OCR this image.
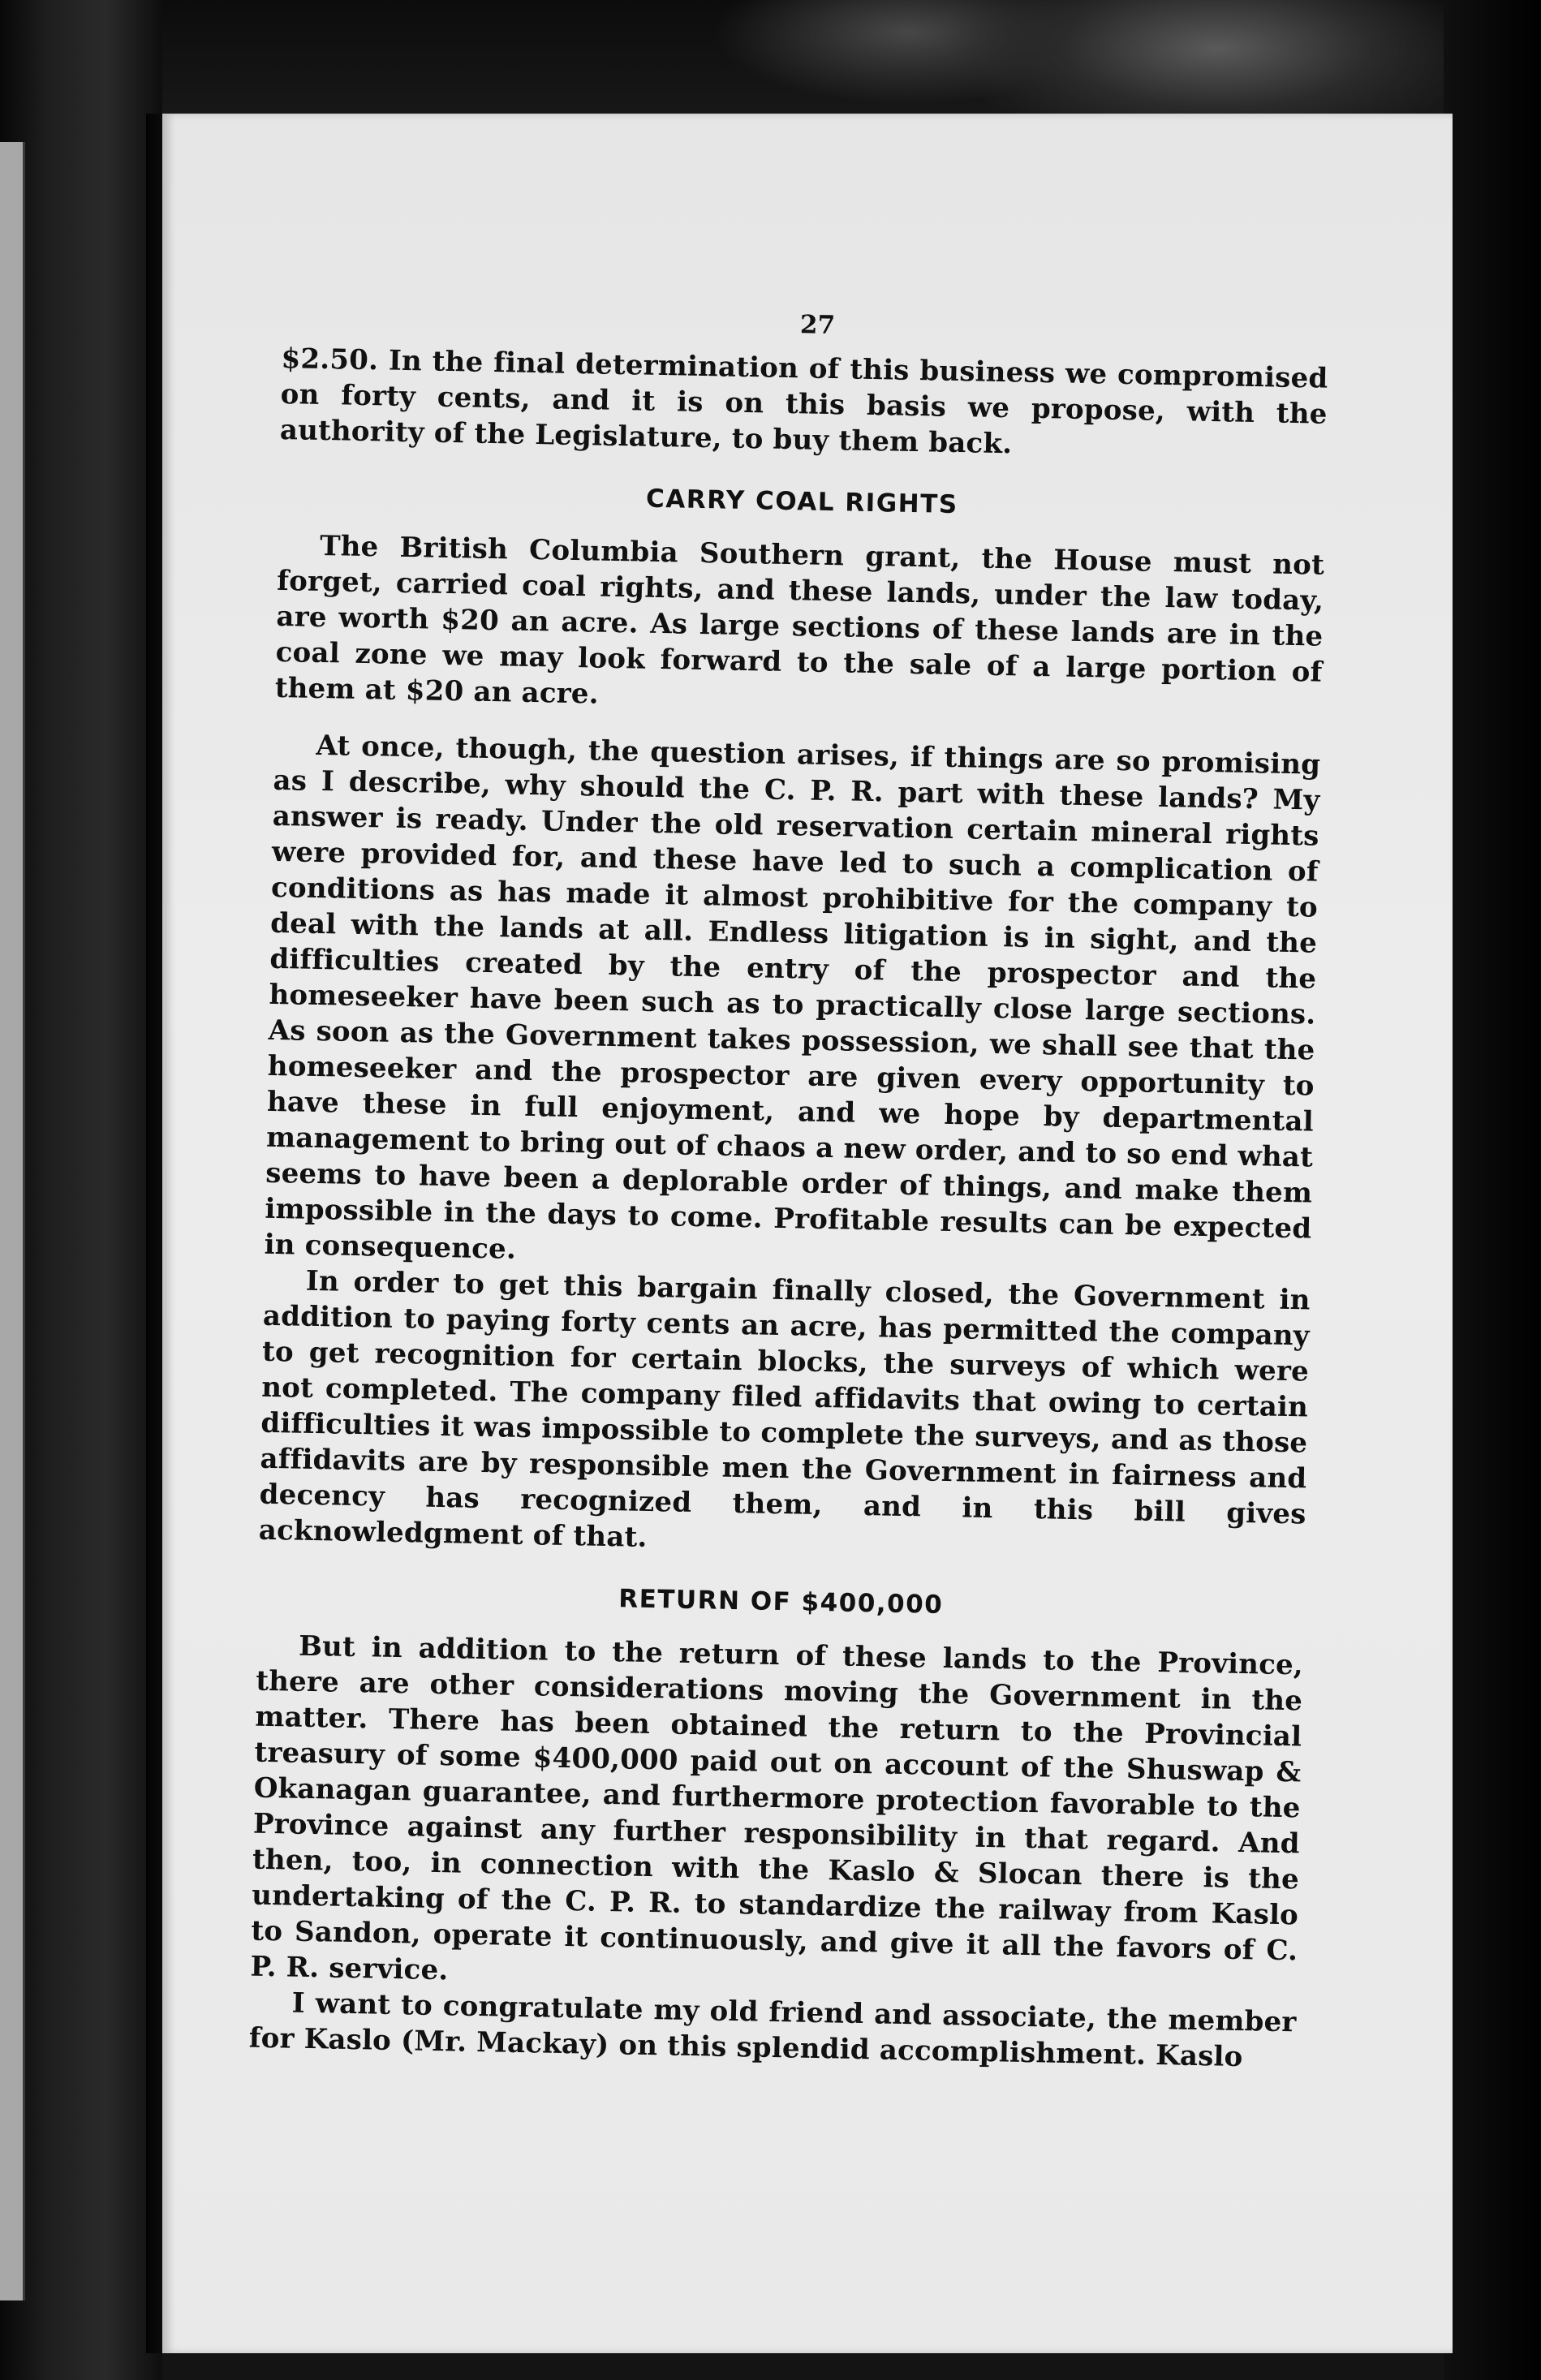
27

$2.50. In the final determination of this business we compromised on forty cents, and it is on this basis we propose, with the authority of the Legislature, to buy them back.

CARRY COAL RIGHTS

The British Columbia Southern grant, the House must not forget, carried coal rights, and these lands, under the law today, are worth $20 an acre. As large sections of these lands are in the coal zone we may look forward to the sale of a large portion of them at $20 an acre.

At once, though, the question arises, if things are so promising as I describe, why should the C. P. R. part with these lands? My answer is ready. Under the old reservation certain mineral rights were provided for, and these have led to such a complication of conditions as has made it almost prohibitive for the company to deal with the lands at all. Endless litigation is in sight, and the difficulties created by the entry of the prospector and the homeseeker have been such as to practically close large sections. As soon as the Government takes possession, we shall see that the homeseeker and the prospector are given every opportunity to have these in full enjoyment, and we hope by departmental management to bring out of chaos a new order, and to so end what seems to have been a deplorable order of things, and make them impossible in the days to come. Profitable results can be expected in consequence.

In order to get this bargain finally closed, the Government in addition to paying forty cents an acre, has permitted the company to get recognition for certain blocks, the surveys of which were not completed. The company filed affidavits that owing to certain difficulties it was impossible to complete the surveys, and as those affidavits are by responsible men the Government in fairness and decency has recognized them, and in this bill gives acknowledgment of that.

RETURN OF $400,000

But in addition to the return of these lands to the Province, there are other considerations moving the Government in the matter. There has been obtained the return to the Provincial treasury of some $400,000 paid out on account of the Shuswap & Okanagan guarantee, and furthermore protection favorable to the Province against any further responsibility in that regard. And then, too, in connection with the Kaslo & Slocan there is the undertaking of the C. P. R. to standardize the railway from Kaslo to Sandon, operate it continuously, and give it all the favors of C. P. R. service.

I want to congratulate my old friend and associate, the member for Kaslo (Mr. Mackay) on this splendid accomplishment. Kaslo
